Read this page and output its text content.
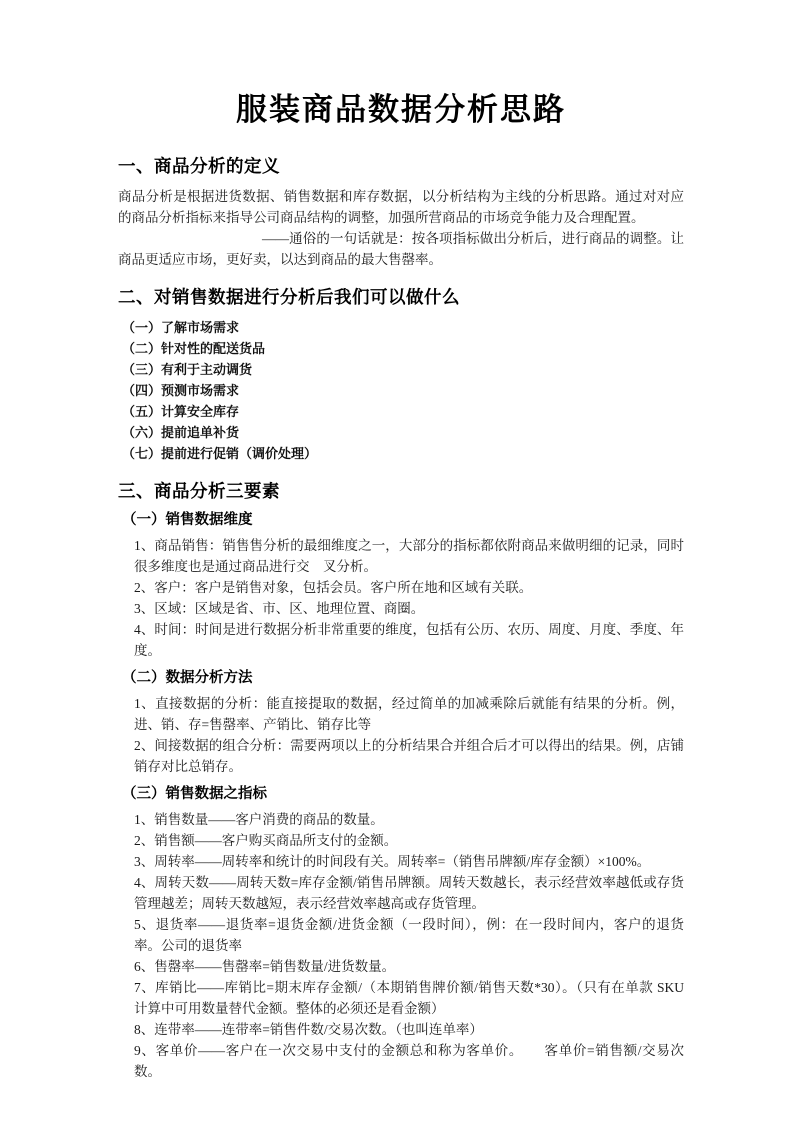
服装商品数据分析思路
一、商品分析的定义

商品分析是根据进货数据、销售数据和库存数据，以分析结构为主线的分析思路。通过对对应的商品分析指标来指导公司商品结构的调整，加强所营商品的市场竞争能力及合理配置。

——通俗的一句话就是：按各项指标做出分析后，进行商品的调整。让商品更适应市场，更好卖，以达到商品的最大售罄率。

二、对销售数据进行分析后我们可以做什么
（一）了解市场需求
（二）针对性的配送货品
（三）有利于主动调货
（四）预测市场需求
（五）计算安全库存
（六）提前追单补货
（七）提前进行促销（调价处理）
三、商品分析三要素
（一）销售数据维度
1、商品销售：销售售分析的最细维度之一，大部分的指标都依附商品来做明细的记录，同时很多维度也是通过商品进行交　叉分析。
2、客户：客户是销售对象，包括会员。客户所在地和区域有关联。
3、区域：区域是省、市、区、地理位置、商圈。
4、时间：时间是进行数据分析非常重要的维度，包括有公历、农历、周度、月度、季度、年度。
（二）数据分析方法
1、直接数据的分析：能直接提取的数据，经过简单的加减乘除后就能有结果的分析。例，进、销、存=售罄率、产销比、销存比等
2、间接数据的组合分析：需要两项以上的分析结果合并组合后才可以得出的结果。例，店铺销存对比总销存。
（三）销售数据之指标
1、销售数量——客户消费的商品的数量。
2、销售额——客户购买商品所支付的金额。
3、周转率——周转率和统计的时间段有关。周转率=（销售吊牌额/库存金额）×100%。
4、周转天数——周转天数=库存金额/销售吊牌额。周转天数越长，表示经营效率越低或存货管理越差；周转天数越短，表示经营效率越高或存货管理。
5、退货率——退货率=退货金额/进货金额（一段时间），例：在一段时间内，客户的退货率。公司的退货率
6、售罄率——售罄率=销售数量/进货数量。
7、库销比——库销比=期末库存金额/（本期销售牌价额/销售天数*30）。（只有在单款 SKU　计算中可用数量替代金额。整体的必须还是看金额）
8、连带率——连带率=销售件数/交易次数。（也叫连单率）
9、客单价——客户在一次交易中支付的金额总和称为客单价。　　客单价=销售额/交易次数。
